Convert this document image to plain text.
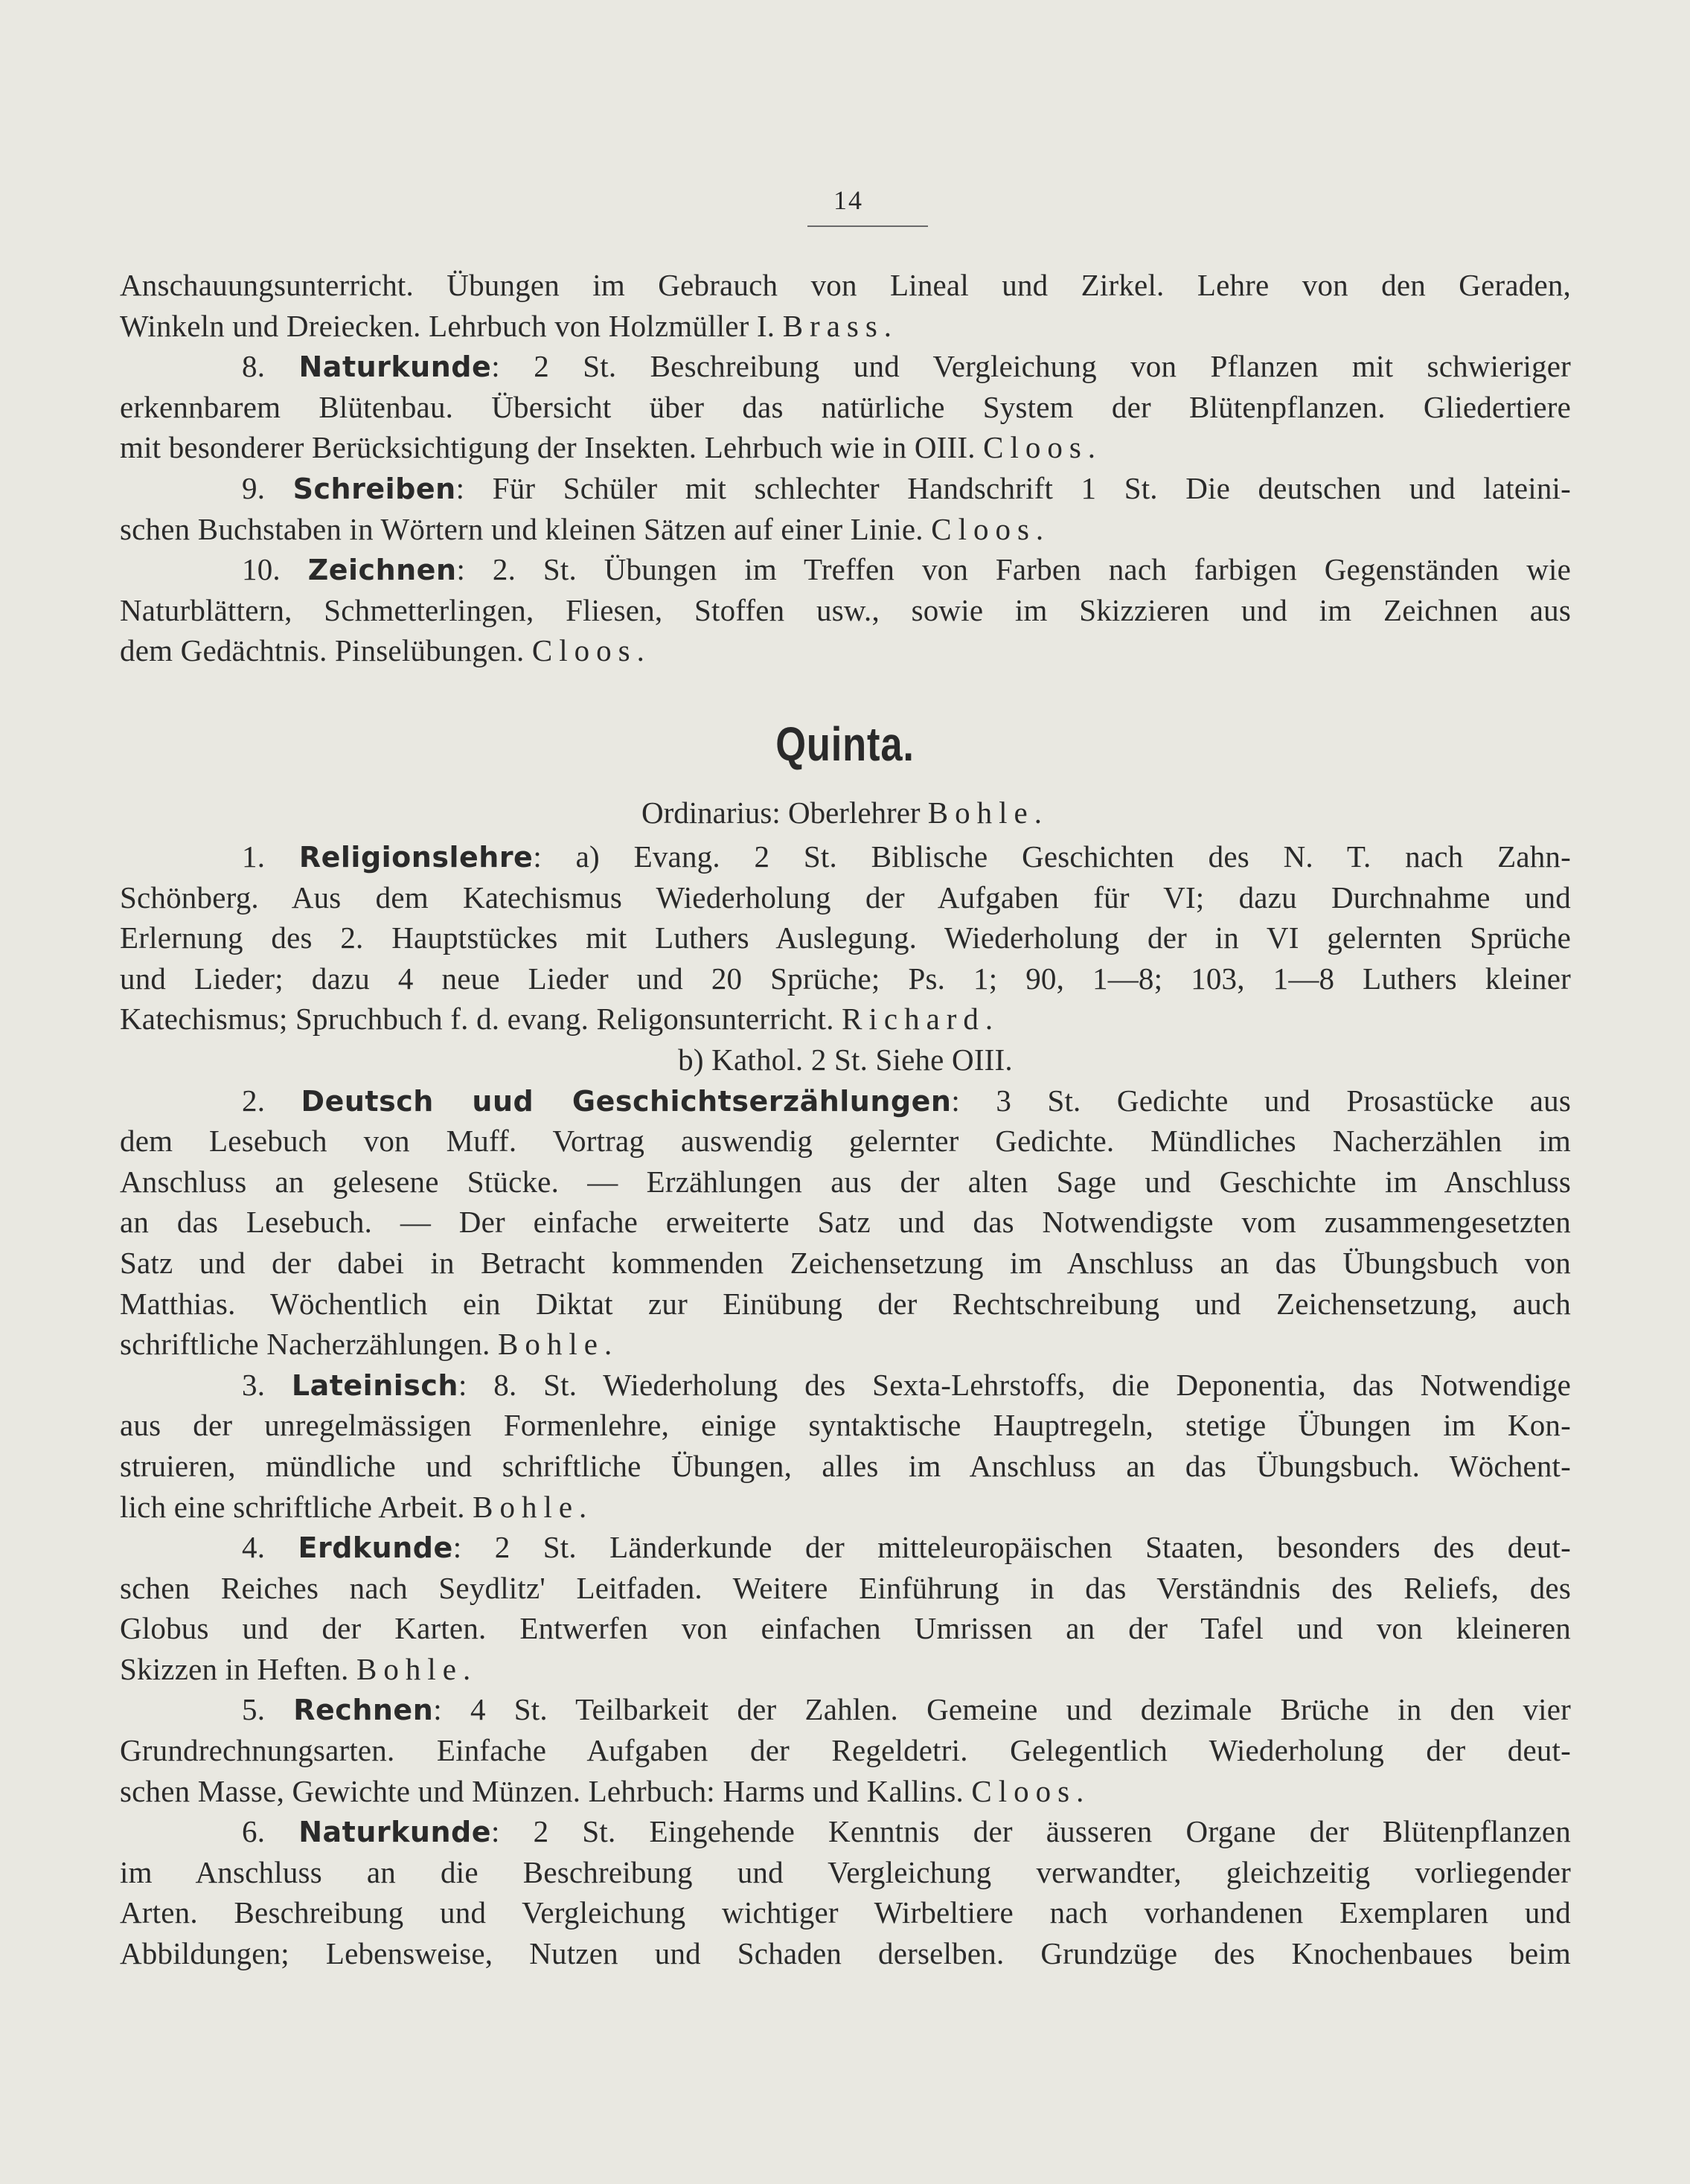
14
Anschauungsunterricht. Übungen im Gebrauch von Lineal und Zirkel. Lehre von den Geraden,
Winkeln und Dreiecken. Lehrbuch von Holzmüller I. Brass.
8. Naturkunde: 2 St. Beschreibung und Vergleichung von Pflanzen mit schwieriger
erkennbarem Blütenbau. Übersicht über das natürliche System der Blütenpflanzen. Gliedertiere
mit besonderer Berücksichtigung der Insekten. Lehrbuch wie in OIII. Cloos.
9. Schreiben: Für Schüler mit schlechter Handschrift 1 St. Die deutschen und lateini-
schen Buchstaben in Wörtern und kleinen Sätzen auf einer Linie. Cloos.
10. Zeichnen: 2. St. Übungen im Treffen von Farben nach farbigen Gegenständen wie
Naturblättern, Schmetterlingen, Fliesen, Stoffen usw., sowie im Skizzieren und im Zeichnen aus
dem Gedächtnis. Pinselübungen. Cloos.
Quinta.
Ordinarius: Oberlehrer Bohle.
1. Religionslehre: a) Evang. 2 St. Biblische Geschichten des N. T. nach Zahn-
Schönberg. Aus dem Katechismus Wiederholung der Aufgaben für VI; dazu Durchnahme und
Erlernung des 2. Hauptstückes mit Luthers Auslegung. Wiederholung der in VI gelernten Sprüche
und Lieder; dazu 4 neue Lieder und 20 Sprüche; Ps. 1; 90, 1—8; 103, 1—8 Luthers kleiner
Katechismus; Spruchbuch f. d. evang. Religonsunterricht. Richard.
b) Kathol. 2 St. Siehe OIII.
2. Deutsch uud Geschichtserzählungen: 3 St. Gedichte und Prosastücke aus
dem Lesebuch von Muff. Vortrag auswendig gelernter Gedichte. Mündliches Nacherzählen im
Anschluss an gelesene Stücke. — Erzählungen aus der alten Sage und Geschichte im Anschluss
an das Lesebuch. — Der einfache erweiterte Satz und das Notwendigste vom zusammengesetzten
Satz und der dabei in Betracht kommenden Zeichensetzung im Anschluss an das Übungsbuch von
Matthias. Wöchentlich ein Diktat zur Einübung der Rechtschreibung und Zeichensetzung, auch
schriftliche Nacherzählungen. Bohle.
3. Lateinisch: 8. St. Wiederholung des Sexta-Lehrstoffs, die Deponentia, das Notwendige
aus der unregelmässigen Formenlehre, einige syntaktische Hauptregeln, stetige Übungen im Kon-
struieren, mündliche und schriftliche Übungen, alles im Anschluss an das Übungsbuch. Wöchent-
lich eine schriftliche Arbeit. Bohle.
4. Erdkunde: 2 St. Länderkunde der mitteleuropäischen Staaten, besonders des deut-
schen Reiches nach Seydlitz' Leitfaden. Weitere Einführung in das Verständnis des Reliefs, des
Globus und der Karten. Entwerfen von einfachen Umrissen an der Tafel und von kleineren
Skizzen in Heften. Bohle.
5. Rechnen: 4 St. Teilbarkeit der Zahlen. Gemeine und dezimale Brüche in den vier
Grundrechnungsarten. Einfache Aufgaben der Regeldetri. Gelegentlich Wiederholung der deut-
schen Masse, Gewichte und Münzen. Lehrbuch: Harms und Kallins. Cloos.
6. Naturkunde: 2 St. Eingehende Kenntnis der äusseren Organe der Blütenpflanzen
im Anschluss an die Beschreibung und Vergleichung verwandter, gleichzeitig vorliegender
Arten. Beschreibung und Vergleichung wichtiger Wirbeltiere nach vorhandenen Exemplaren und
Abbildungen; Lebensweise, Nutzen und Schaden derselben. Grundzüge des Knochenbaues beim
